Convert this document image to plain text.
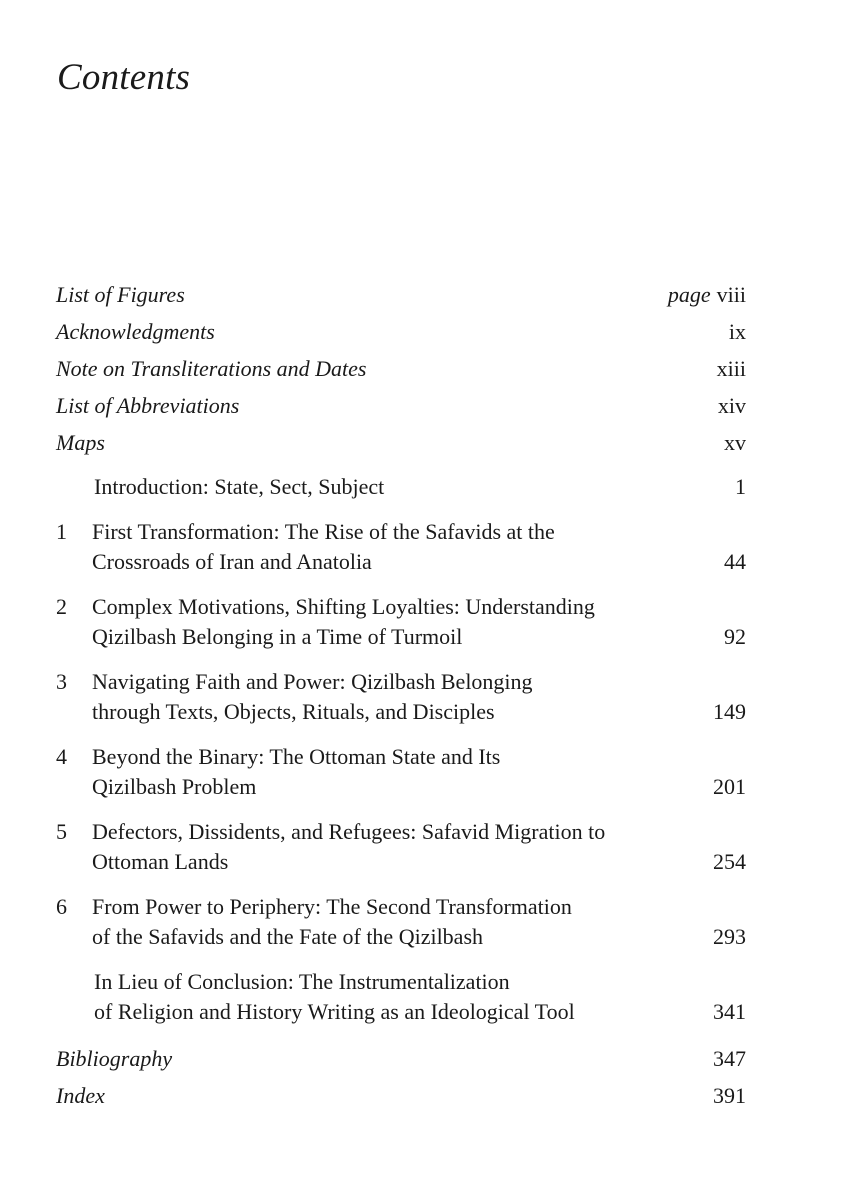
Contents
List of Figures	page viii
Acknowledgments	ix
Note on Transliterations and Dates	xiii
List of Abbreviations	xiv
Maps	xv
Introduction: State, Sect, Subject	1
1	First Transformation: The Rise of the Safavids at the
Crossroads of Iran and Anatolia	44
2	Complex Motivations, Shifting Loyalties: Understanding
Qizilbash Belonging in a Time of Turmoil	92
3	Navigating Faith and Power: Qizilbash Belonging
through Texts, Objects, Rituals, and Disciples	149
4	Beyond the Binary: The Ottoman State and Its
Qizilbash Problem	201
5	Defectors, Dissidents, and Refugees: Safavid Migration to
Ottoman Lands	254
6	From Power to Periphery: The Second Transformation
of the Safavids and the Fate of the Qizilbash	293
In Lieu of Conclusion: The Instrumentalization
of Religion and History Writing as an Ideological Tool	341
Bibliography	347
Index	391
